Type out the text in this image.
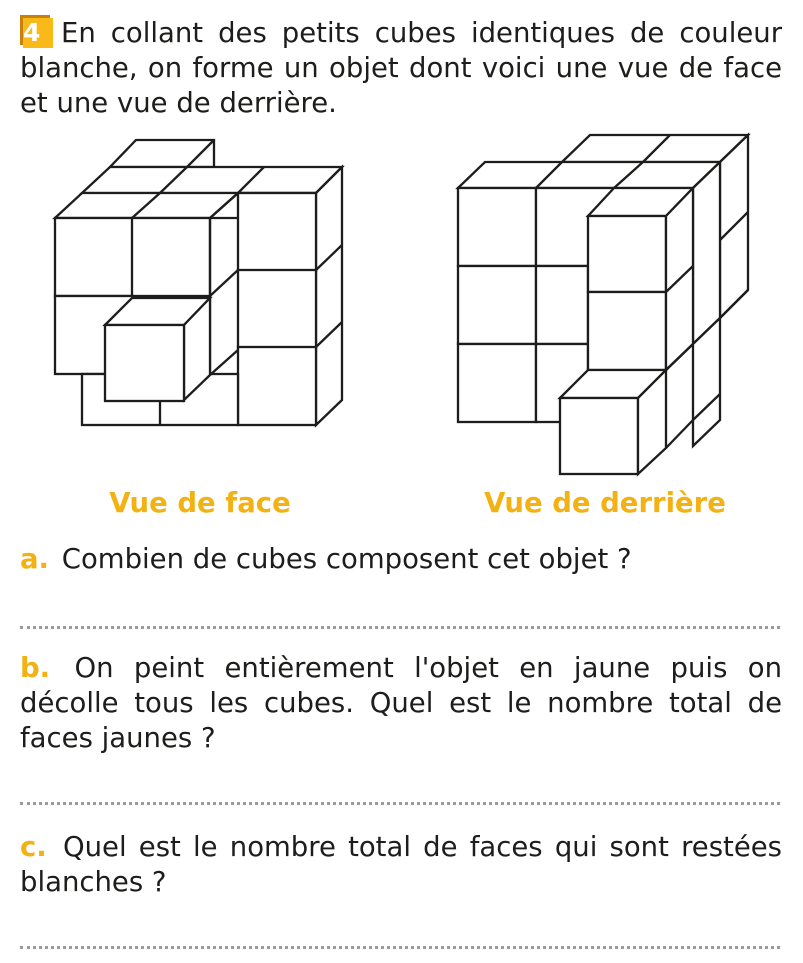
4 En collant des petits cubes identiques de couleur blanche, on forme un objet dont voici une vue de face et une vue de derrière.

Vue de face	Vue de derrière

a. Combien de cubes composent cet objet ?

b. On peint entièrement l'objet en jaune puis on décolle tous les cubes. Quel est le nombre total de faces jaunes ?

c. Quel est le nombre total de faces qui sont restées blanches ?
